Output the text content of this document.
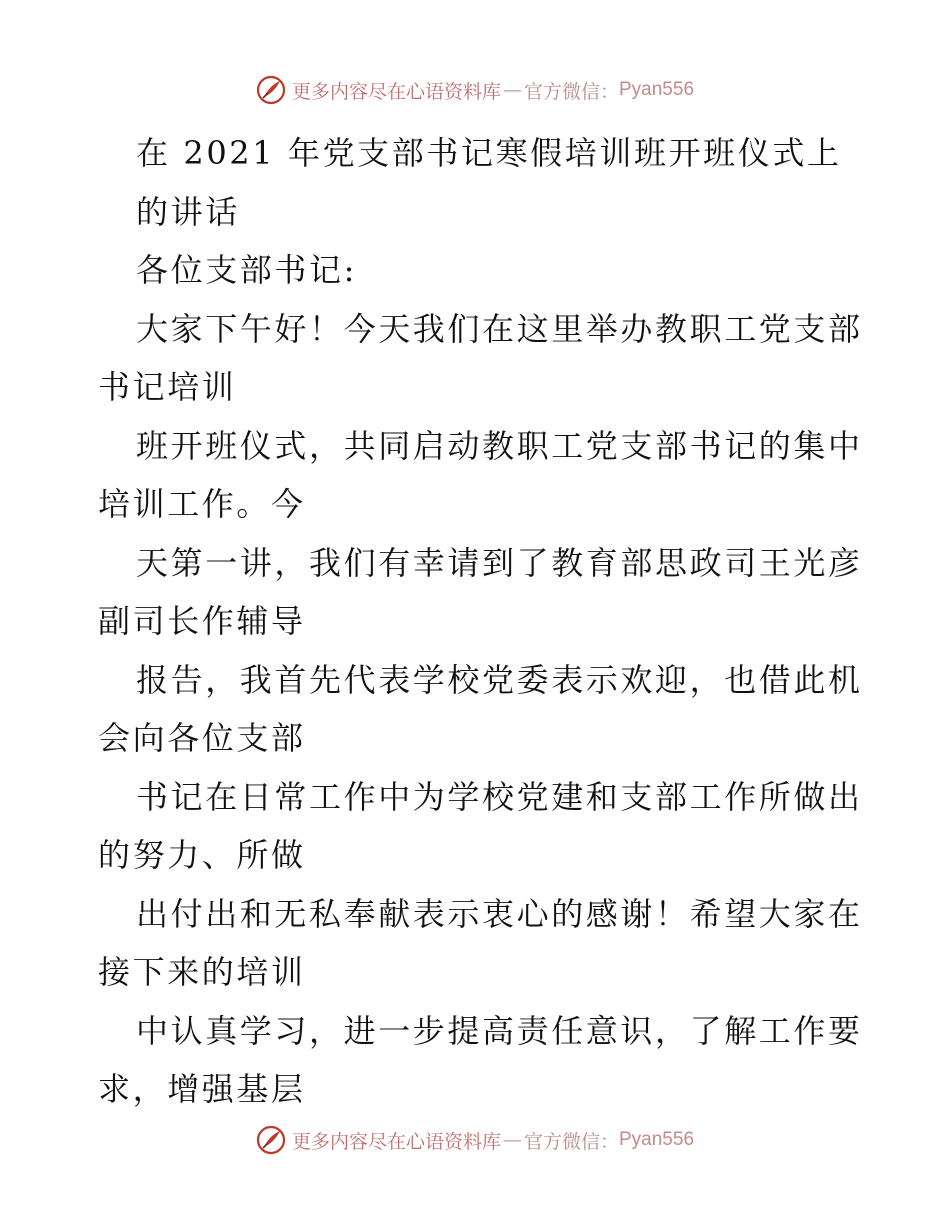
更多内容尽在心语资料库 — 官方微信： Pyan556
在 2021 年党支部书记寒假培训班开班仪式上
的讲话
各位支部书记:
大家下午好！今天我们在这里举办教职工党支部
书记培训
班开班仪式，共同启动教职工党支部书记的集中
培训工作。今
天第一讲，我们有幸请到了教育部思政司王光彦
副司长作辅导
报告，我首先代表学校党委表示欢迎，也借此机
会向各位支部
书记在日常工作中为学校党建和支部工作所做出
的努力、所做
出付出和无私奉献表示衷心的感谢！希望大家在
接下来的培训
中认真学习，进一步提高责任意识，了解工作要
求，增强基层
更多内容尽在心语资料库 — 官方微信： Pyan556
